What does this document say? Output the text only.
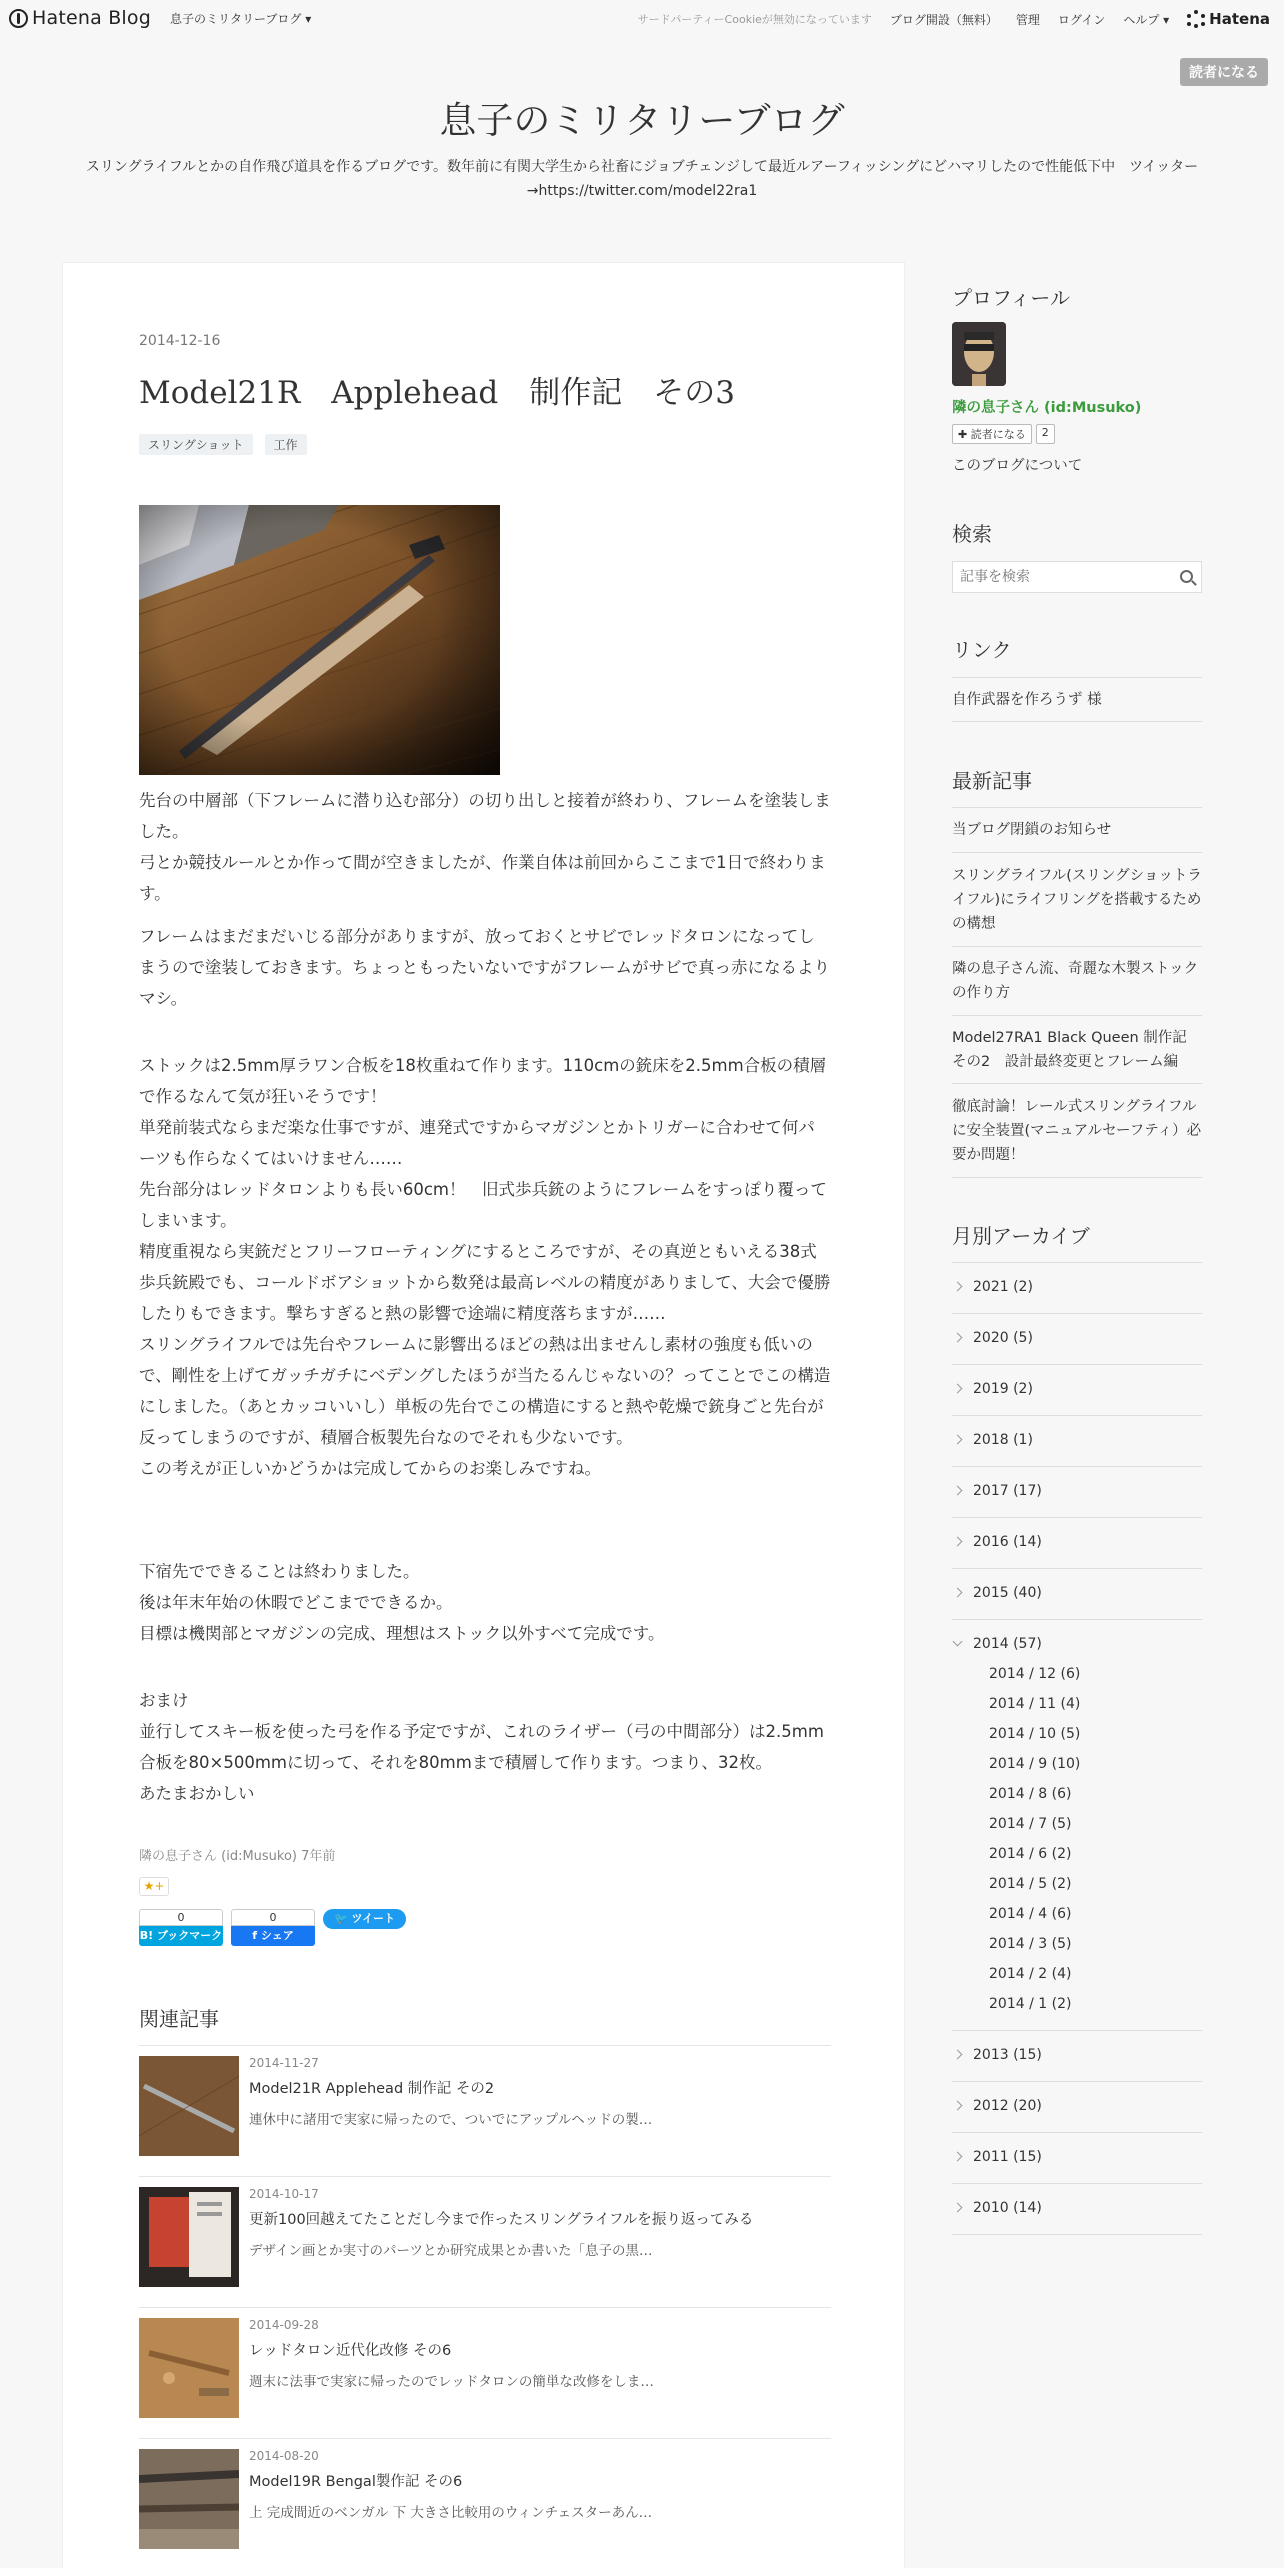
Hatena Blog 息子のミリタリーブログ ▾	サードパーティーCookieが無効になっています ブログ開設（無料） 管理 ログイン ヘルプ ▾	Hatena
読者になる
息子のミリタリーブログ
スリングライフルとかの自作飛び道具を作るブログです。数年前に有関大学生から社畜にジョブチェンジして最近ルアーフィッシングにどハマリしたので性能低下中　ツイッター→https://twitter.com/model22ra1
2014-12-16
Model21R　Applehead　制作記　その3
スリングショット	工作

先台の中層部（下フレームに潜り込む部分）の切り出しと接着が終わり、フレームを塗装しました。
弓とか競技ルールとか作って間が空きましたが、作業自体は前回からここまで1日で終わります。

フレームはまだまだいじる部分がありますが、放っておくとサビでレッドタロンになってしまうので塗装しておきます。ちょっともったいないですがフレームがサビで真っ赤になるよりマシ。

ストックは2.5mm厚ラワン合板を18枚重ねて作ります。110cmの銃床を2.5mm合板の積層で作るなんて気が狂いそうです！
単発前装式ならまだ楽な仕事ですが、連発式ですからマガジンとかトリガーに合わせて何パーツも作らなくてはいけません……
先台部分はレッドタロンよりも長い60cm！　旧式歩兵銃のようにフレームをすっぽり覆ってしまいます。
精度重視なら実銃だとフリーフローティングにするところですが、その真逆ともいえる38式歩兵銃殿でも、コールドボアショットから数発は最高レベルの精度がありまして、大会で優勝したりもできます。撃ちすぎると熱の影響で途端に精度落ちますが……
スリングライフルでは先台やフレームに影響出るほどの熱は出ませんし素材の強度も低いので、剛性を上げてガッチガチにベデングしたほうが当たるんじゃないの？ってことでこの構造にしました。（あとカッコいいし）単板の先台でこの構造にすると熱や乾燥で銃身ごと先台が反ってしまうのですが、積層合板製先台なのでそれも少ないです。
この考えが正しいかどうかは完成してからのお楽しみですね。

下宿先でできることは終わりました。
後は年末年始の休暇でどこまでできるか。
目標は機関部とマガジンの完成、理想はストック以外すべて完成です。

おまけ
並行してスキー板を使った弓を作る予定ですが、これのライザー（弓の中間部分）は2.5mm合板を80×500mmに切って、それを80mmまで積層して作ります。つまり、32枚。
あたまおかしい

隣の息子さん (id:Musuko) 7年前
★+
0
B! ブックマーク
0
f シェア
🐦 ツイート
関連記事
2014-11-27
Model21R Applehead 制作記 その2
連休中に諸用で実家に帰ったので、ついでにアップルヘッドの製…
2014-10-17
更新100回越えてたことだし今まで作ったスリングライフルを振り返ってみる
デザイン画とか実寸のパーツとか研究成果とか書いた「息子の黒…
2014-09-28
レッドタロン近代化改修 その6
週末に法事で実家に帰ったのでレッドタロンの簡単な改修をしま…
2014-08-20
Model19R Bengal製作記 その6
上 完成間近のベンガル 下 大きさ比較用のウィンチェスターあん…
プロフィール
隣の息子さん (id:Musuko)
✚ 読者になる	2
このブログについて
検索
記事を検索
リンク
自作武器を作ろうず 様
最新記事
当ブログ閉鎖のお知らせ
スリングライフル(スリングショットライフル)にライフリングを搭載するための構想
隣の息子さん流、奇麗な木製ストックの作り方
Model27RA1 Black Queen 制作記 その2　設計最終変更とフレーム編
徹底討論！レール式スリングライフルに安全装置(マニュアルセーフティ）必要か問題！
月別アーカイブ
2021 (2)
2020 (5)
2019 (2)
2018 (1)
2017 (17)
2016 (14)
2015 (40)
2014 (57)
2014 / 12 (6)
2014 / 11 (4)
2014 / 10 (5)
2014 / 9 (10)
2014 / 8 (6)
2014 / 7 (5)
2014 / 6 (2)
2014 / 5 (2)
2014 / 4 (6)
2014 / 3 (5)
2014 / 2 (4)
2014 / 1 (2)
2013 (15)
2012 (20)
2011 (15)
2010 (14)
